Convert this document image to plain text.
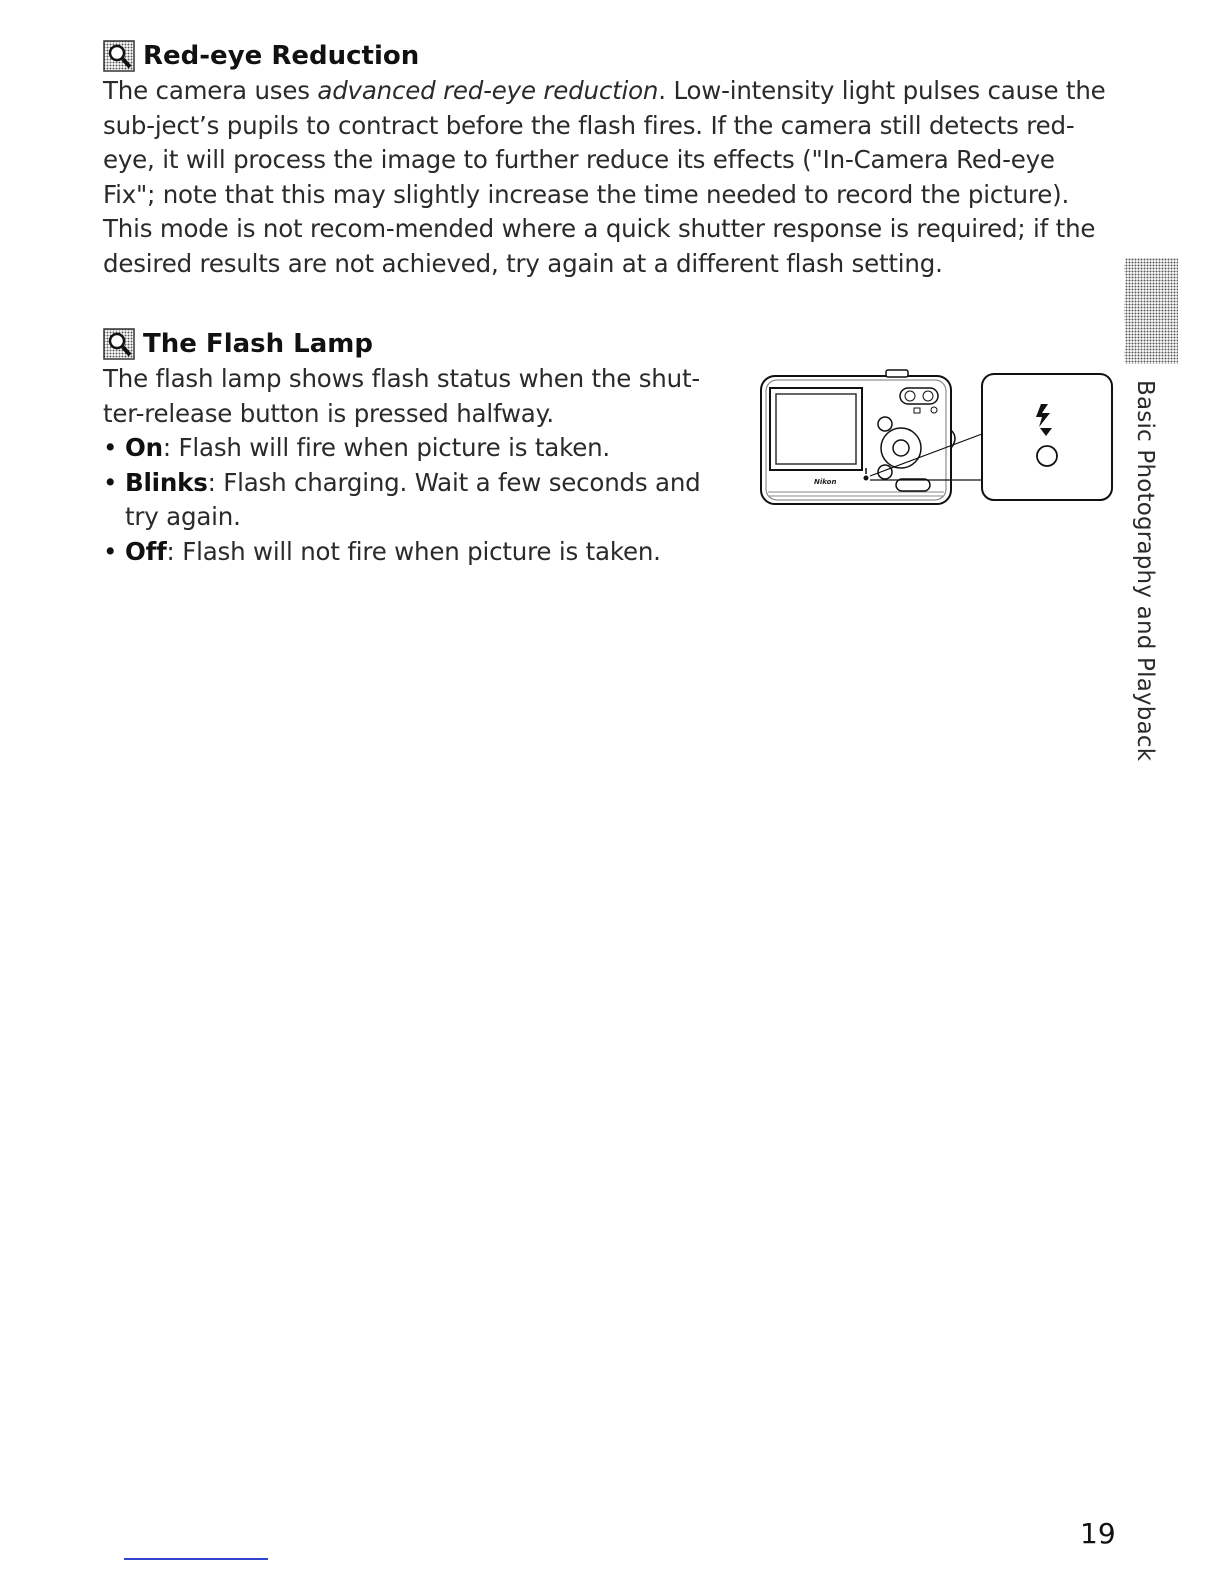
Red-eye Reduction

The camera uses advanced red-eye reduction. Low-intensity light pulses cause the sub-ject’s pupils to contract before the flash fires. If the camera still detects red-eye, it will process the image to further reduce its effects ("In-Camera Red-eye Fix"; note that this may slightly increase the time needed to record the picture). This mode is not recom-mended where a quick shutter response is required; if the desired results are not achieved, try again at a different flash setting.

The Flash Lamp

The flash lamp shows flash status when the shut-ter-release button is pressed halfway.

• On: Flash will fire when picture is taken.
• Blinks: Flash charging. Wait a few seconds and try again.
• Off: Flash will not fire when picture is taken.
Nikon	Basic Photography and Playback
19
